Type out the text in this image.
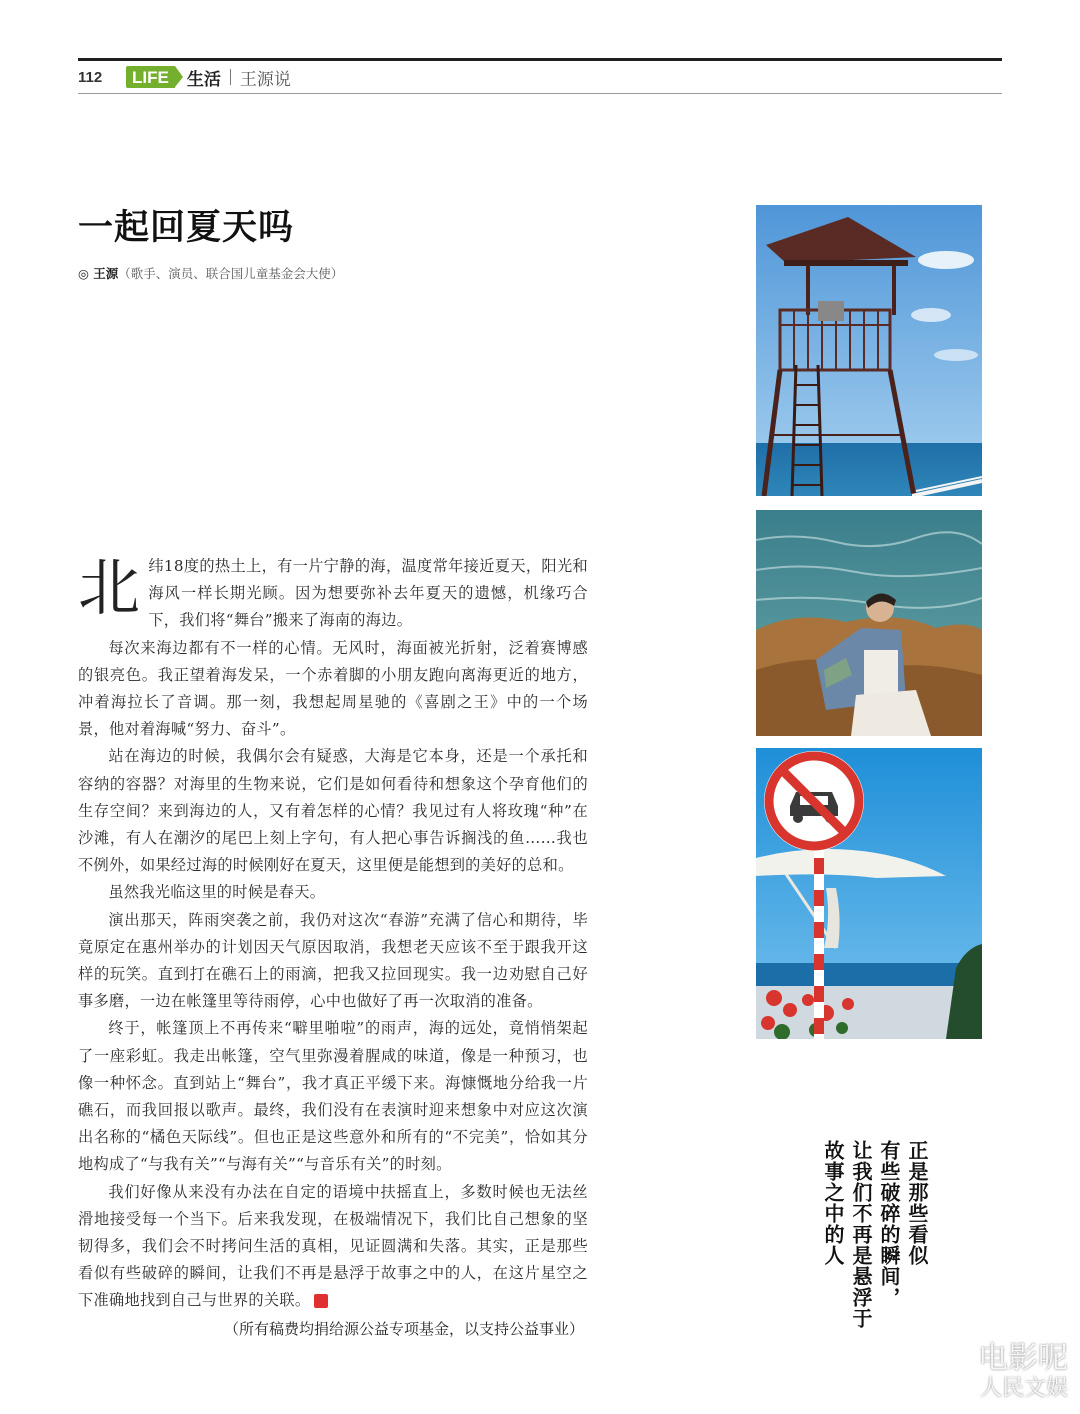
112	LIFE	生活 王源说
一起回夏天吗
◎ 王源（歌手、演员、联合国儿童基金会大使）

北纬18度的热土上，有一片宁静的海，温度常年接近夏天，阳光和海风一样长期光顾。因为想要弥补去年夏天的遗憾，机缘巧合下，我们将“舞台”搬来了海南的海边。

每次来海边都有不一样的心情。无风时，海面被光折射，泛着赛博感的银亮色。我正望着海发呆，一个赤着脚的小朋友跑向离海更近的地方，冲着海拉长了音调。那一刻，我想起周星驰的《喜剧之王》中的一个场景，他对着海喊“努力、奋斗”。

站在海边的时候，我偶尔会有疑惑，大海是它本身，还是一个承托和容纳的容器？对海里的生物来说，它们是如何看待和想象这个孕育他们的生存空间？来到海边的人，又有着怎样的心情？我见过有人将玫瑰“种”在沙滩，有人在潮汐的尾巴上刻上字句，有人把心事告诉搁浅的鱼……我也不例外，如果经过海的时候刚好在夏天，这里便是能想到的美好的总和。

虽然我光临这里的时候是春天。

演出那天，阵雨突袭之前，我仍对这次“春游”充满了信心和期待，毕竟原定在惠州举办的计划因天气原因取消，我想老天应该不至于跟我开这样的玩笑。直到打在礁石上的雨滴，把我又拉回现实。我一边劝慰自己好事多磨，一边在帐篷里等待雨停，心中也做好了再一次取消的准备。

终于，帐篷顶上不再传来“噼里啪啦”的雨声，海的远处，竟悄悄架起了一座彩虹。我走出帐篷，空气里弥漫着腥咸的味道，像是一种预习，也像一种怀念。直到站上“舞台”，我才真正平缓下来。海慷慨地分给我一片礁石，而我回报以歌声。最终，我们没有在表演时迎来想象中对应这次演出名称的“橘色天际线”。但也正是这些意外和所有的“不完美”，恰如其分地构成了“与我有关”“与海有关”“与音乐有关”的时刻。

我们好像从来没有办法在自定的语境中扶摇直上，多数时候也无法丝滑地接受每一个当下。后来我发现，在极端情况下，我们比自己想象的坚韧得多，我们会不时拷问生活的真相，见证圆满和失落。其实，正是那些看似有些破碎的瞬间，让我们不再是悬浮于故事之中的人，在这片星空之下准确地找到自己与世界的关联。	G

（所有稿费均捐给源公益专项基金，以支持公益事业）
正是那些看似
有些破碎的瞬间，
让我们不再是悬浮于
故事之中的人
电影呢
人民文娱
